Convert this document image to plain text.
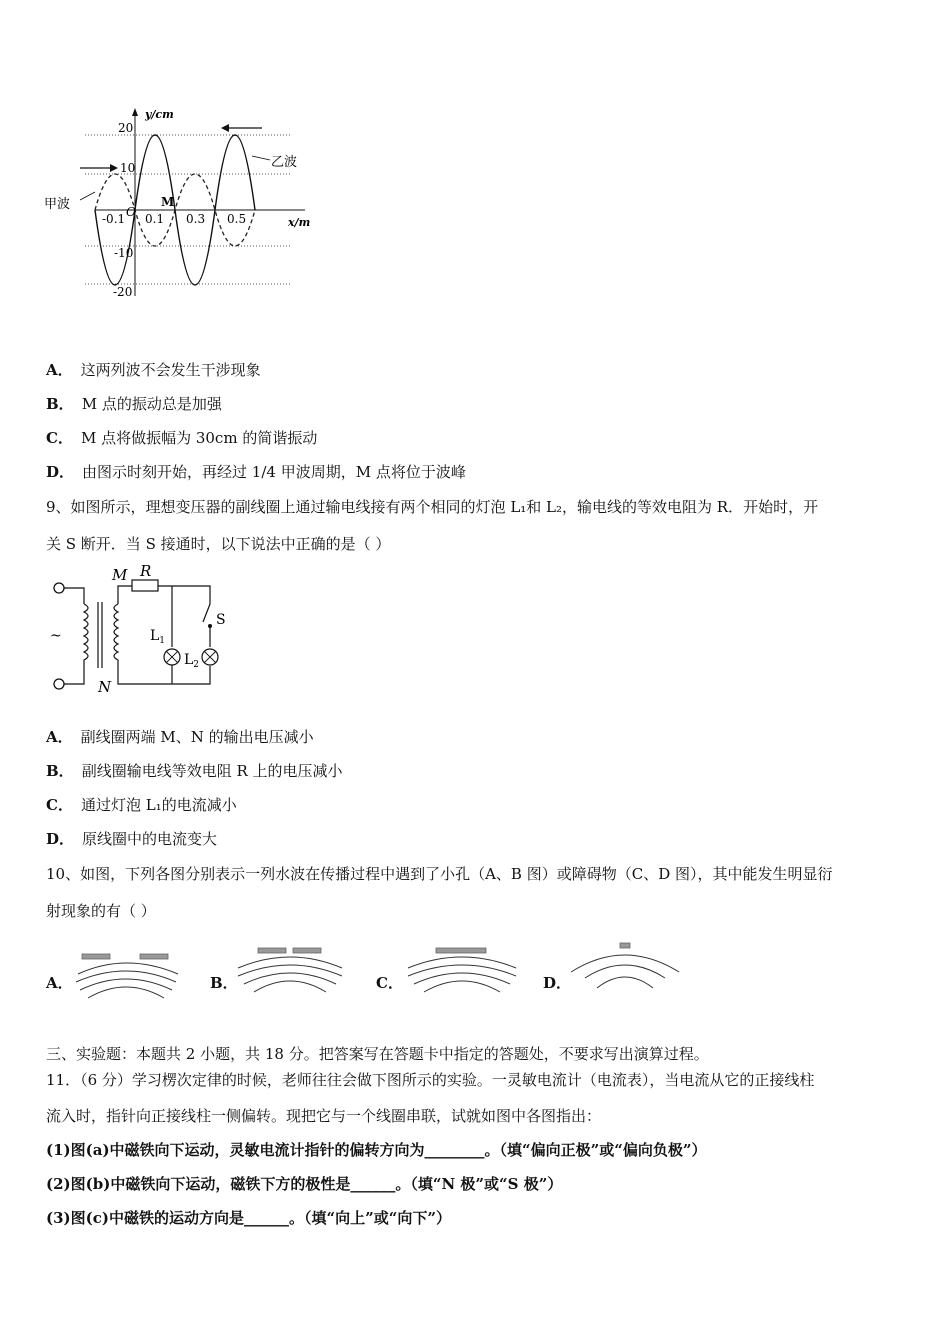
y/cm
x/m
20
10
-10
-20
-0.1 O 0.1 0.3 0.5
M
甲波
乙波
A． 这两列波不会发生干涉现象
B． M 点的振动总是加强
C． M 点将做振幅为 30cm 的简谐振动
D． 由图示时刻开始，再经过 1/4 甲波周期，M 点将位于波峰
9、如图所示，理想变压器的副线圈上通过输电线接有两个相同的灯泡 L₁和 L₂，输电线的等效电阻为 R．开始时，开
关 S 断开．当 S 接通时，以下说法中正确的是（ ）
~
M R
S
$L_1$
$L_2$
N
A． 副线圈两端 M、N 的输出电压减小
B． 副线圈输电线等效电阻 R 上的电压减小
C． 通过灯泡 L₁的电流减小
D． 原线圈中的电流变大
10、如图，下列各图分别表示一列水波在传播过程中遇到了小孔（A、B 图）或障碍物（C、D 图），其中能发生明显衍
射现象的有（ ）
A．	B．	C．	D．
三、实验题：本题共 2 小题，共 18 分。把答案写在答题卡中指定的答题处，不要求写出演算过程。
11．（6 分）学习楞次定律的时候，老师往往会做下图所示的实验。一灵敏电流计（电流表），当电流从它的正接线柱
流入时，指针向正接线柱一侧偏转。现把它与一个线圈串联，试就如图中各图指出：
(1)图(a)中磁铁向下运动，灵敏电流计指针的偏转方向为________。（填“偏向正极”或“偏向负极”）
(2)图(b)中磁铁向下运动，磁铁下方的极性是______。（填“N 极”或“S 极”）
(3)图(c)中磁铁的运动方向是______。（填“向上”或“向下”）
